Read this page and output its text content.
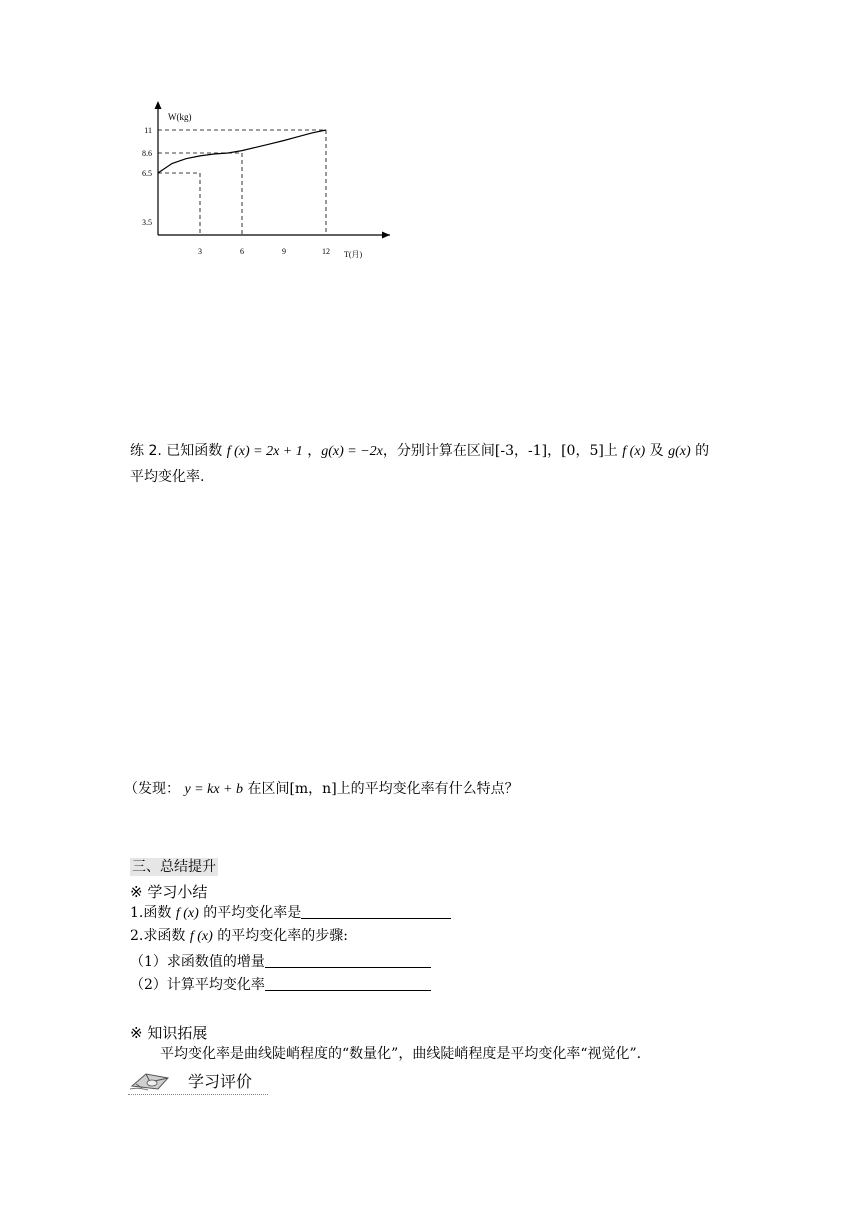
W(kg)
T(月)
11
8.6
6.5
3.5
3	6	9	12
练 2. 已知函数 f (x) = 2x + 1 ，g(x) = −2x，分别计算在区间[-3，-1]，[0，5]上 f (x) 及 g(x) 的
平均变化率.
（发现： y = kx + b 在区间[m，n]上的平均变化率有什么特点？
三、总结提升
※ 学习小结
1.函数 f (x) 的平均变化率是
2.求函数 f (x) 的平均变化率的步骤:
（1）求函数值的增量
（2）计算平均变化率
※ 知识拓展
平均变化率是曲线陡峭程度的“数量化”，曲线陡峭程度是平均变化率“视觉化”.
学习评价
